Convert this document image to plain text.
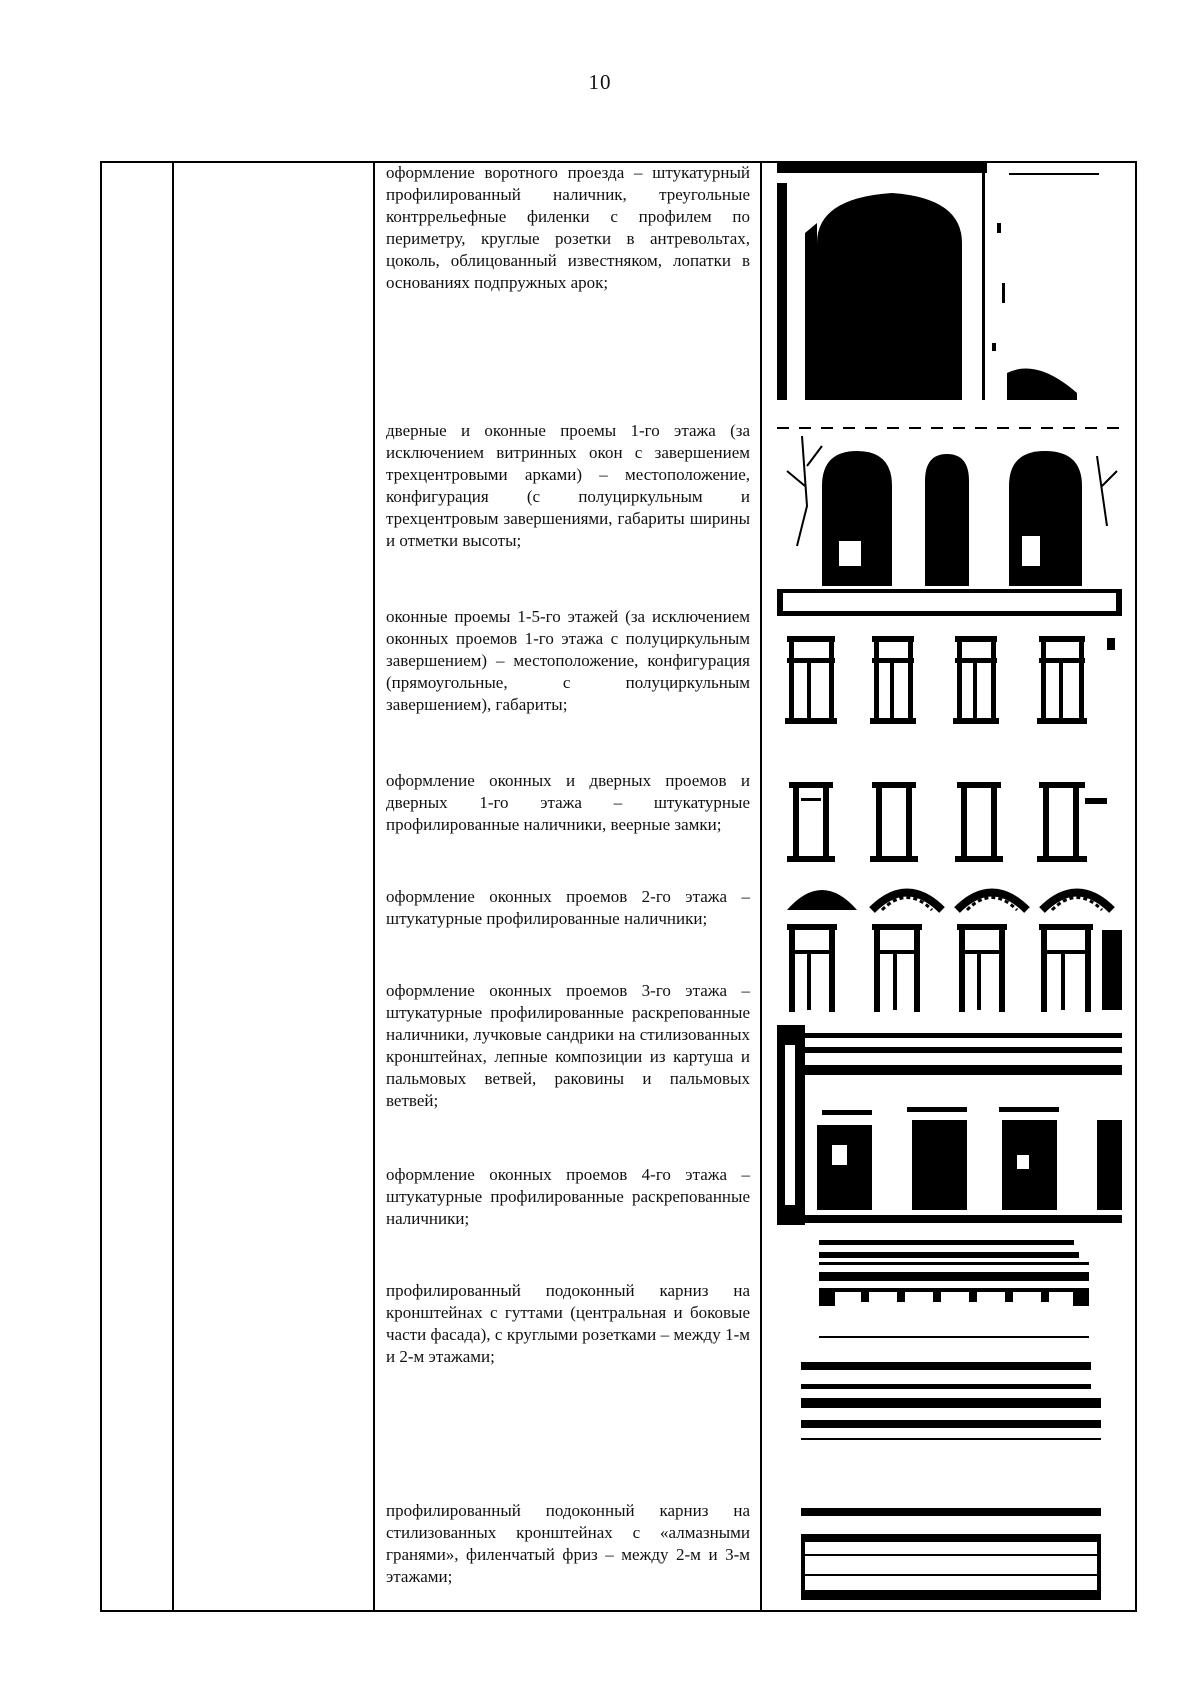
10
оформление воротного проезда – штукатурный профилированный наличник, треугольные контррельефные филенки с профилем по периметру, круглые розетки в антревольтах, цоколь, облицованный известняком, лопатки в основаниях подпружных арок;
дверные и оконные проемы 1-го этажа (за исключением витринных окон с завершением трехцентровыми арками) – местоположение, конфигурация (с полуциркульным и трехцентровым завершениями, габариты ширины и отметки высоты;
оконные проемы 1-5-го этажей (за исключением оконных проемов 1-го этажа с полуциркульным завершением) – местоположение, конфигурация (прямоугольные, с полуциркульным завершением), габариты;
оформление оконных и дверных проемов и дверных 1-го этажа – штукатурные профилированные наличники, веерные замки;
оформление оконных проемов 2-го этажа – штукатурные профилированные наличники;
оформление оконных проемов 3-го этажа – штукатурные профилированные раскрепованные наличники, лучковые сандрики на стилизованных кронштейнах, лепные композиции из картуша и пальмовых ветвей, раковины и пальмовых ветвей;
оформление оконных проемов 4-го этажа – штукатурные профилированные раскрепованные наличники;
профилированный подоконный карниз на кронштейнах с гуттами (центральная и боковые части фасада), с круглыми розетками – между 1-м и 2-м этажами;
профилированный подоконный карниз на стилизованных кронштейнах с «алмазными гранями», филенчатый фриз – между 2-м и 3-м этажами;
